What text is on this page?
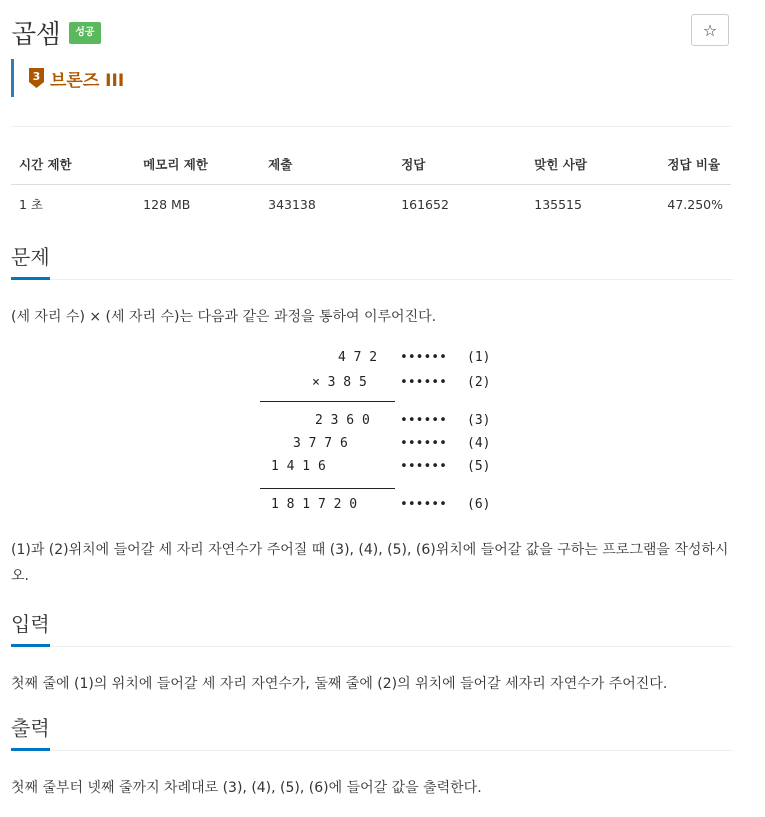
곱셈	성공	☆
3 브론즈 III
시간 제한	메모리 제한	제출	정답	맞힌 사람	정답 비율
1 초	128 MB	343138	161652	135515	47.250%
문제
(세 자리 수) × (세 자리 수)는 다음과 같은 과정을 통하여 이루어진다.
4 7 2 •••••• (1)
× 3 8 5	•••••• (2)
2 3 6 0 •••••• (3)
3 7 7 6	•••••• (4)
1 4 1 6	•••••• (5)
1 8 1 7 2 0	•••••• (6)
(1)과 (2)위치에 들어갈 세 자리 자연수가 주어질 때 (3), (4), (5), (6)위치에 들어갈 값을 구하는 프로그램을 작성하시
오.
입력
첫째 줄에 (1)의 위치에 들어갈 세 자리 자연수가, 둘째 줄에 (2)의 위치에 들어갈 세자리 자연수가 주어진다.
출력
첫째 줄부터 넷째 줄까지 차례대로 (3), (4), (5), (6)에 들어갈 값을 출력한다.
